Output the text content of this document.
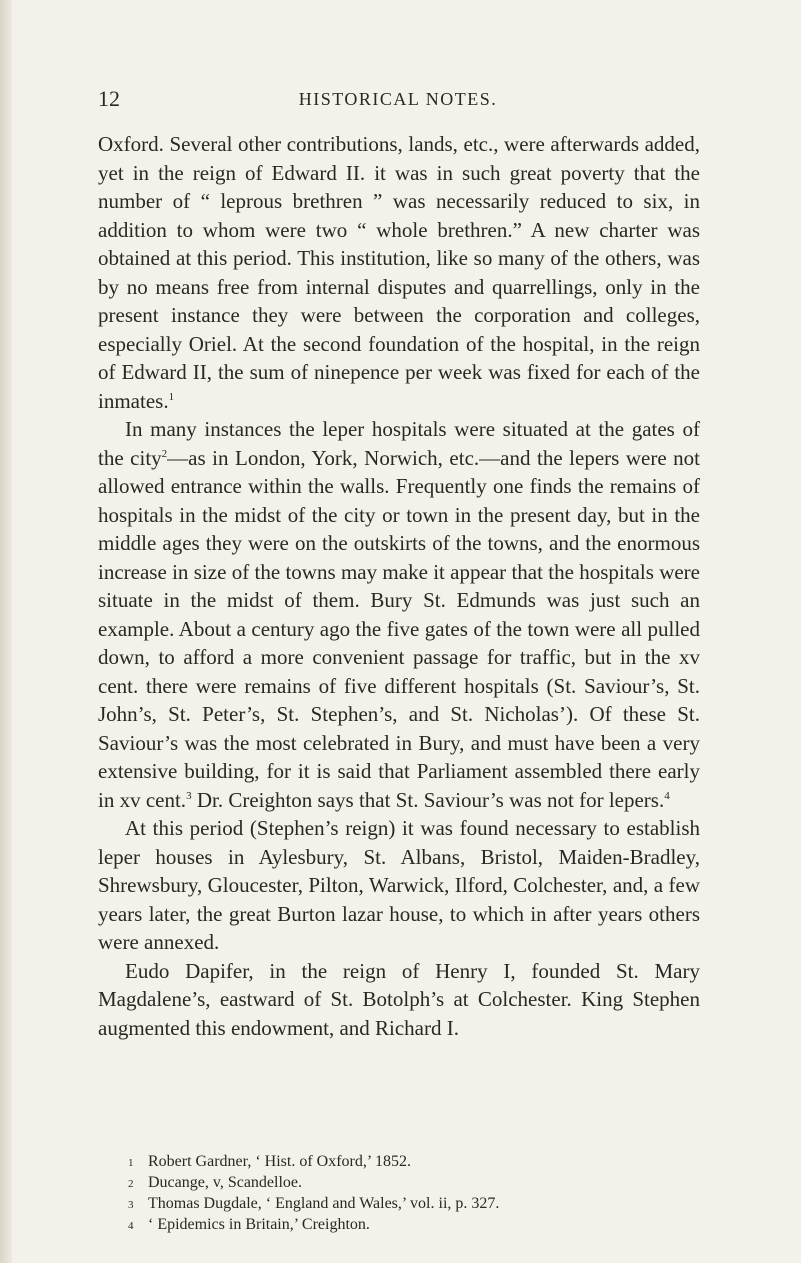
12	HISTORICAL NOTES.

Oxford. Several other contributions, lands, etc., were afterwards added, yet in the reign of Edward II. it was in such great poverty that the number of “ leprous brethren ” was necessarily reduced to six, in addition to whom were two “ whole brethren.” A new charter was obtained at this period. This institution, like so many of the others, was by no means free from internal disputes and quarrellings, only in the present instance they were between the corporation and colleges, especially Oriel. At the second foundation of the hospital, in the reign of Edward II, the sum of ninepence per week was fixed for each of the inmates.$^1$

In many instances the leper hospitals were situated at the gates of the city$^2$—as in London, York, Norwich, etc.—and the lepers were not allowed entrance within the walls. Frequently one finds the remains of hospitals in the midst of the city or town in the present day, but in the middle ages they were on the outskirts of the towns, and the enormous increase in size of the towns may make it appear that the hospitals were situate in the midst of them. Bury St. Edmunds was just such an example. About a century ago the five gates of the town were all pulled down, to afford a more convenient passage for traffic, but in the xv cent. there were remains of five different hospitals (St. Saviour’s, St. John’s, St. Peter’s, St. Stephen’s, and St. Nicholas’). Of these St. Saviour’s was the most celebrated in Bury, and must have been a very extensive building, for it is said that Parliament assembled there early in xv cent.$^3$ Dr. Creighton says that St. Saviour’s was not for lepers.$^4$

At this period (Stephen’s reign) it was found necessary to establish leper houses in Aylesbury, St. Albans, Bristol, Maiden-Bradley, Shrewsbury, Gloucester, Pilton, Warwick, Ilford, Colchester, and, a few years later, the great Burton lazar house, to which in after years others were annexed.

Eudo Dapifer, in the reign of Henry I, founded St. Mary Magdalene’s, eastward of St. Botolph’s at Colchester. King Stephen augmented this endowment, and Richard I.

1 Robert Gardner, ‘ Hist. of Oxford,’ 1852.

2 Ducange, v, Scandelloe.

3 Thomas Dugdale, ‘ England and Wales,’ vol. ii, p. 327.

4 ‘ Epidemics in Britain,’ Creighton.
